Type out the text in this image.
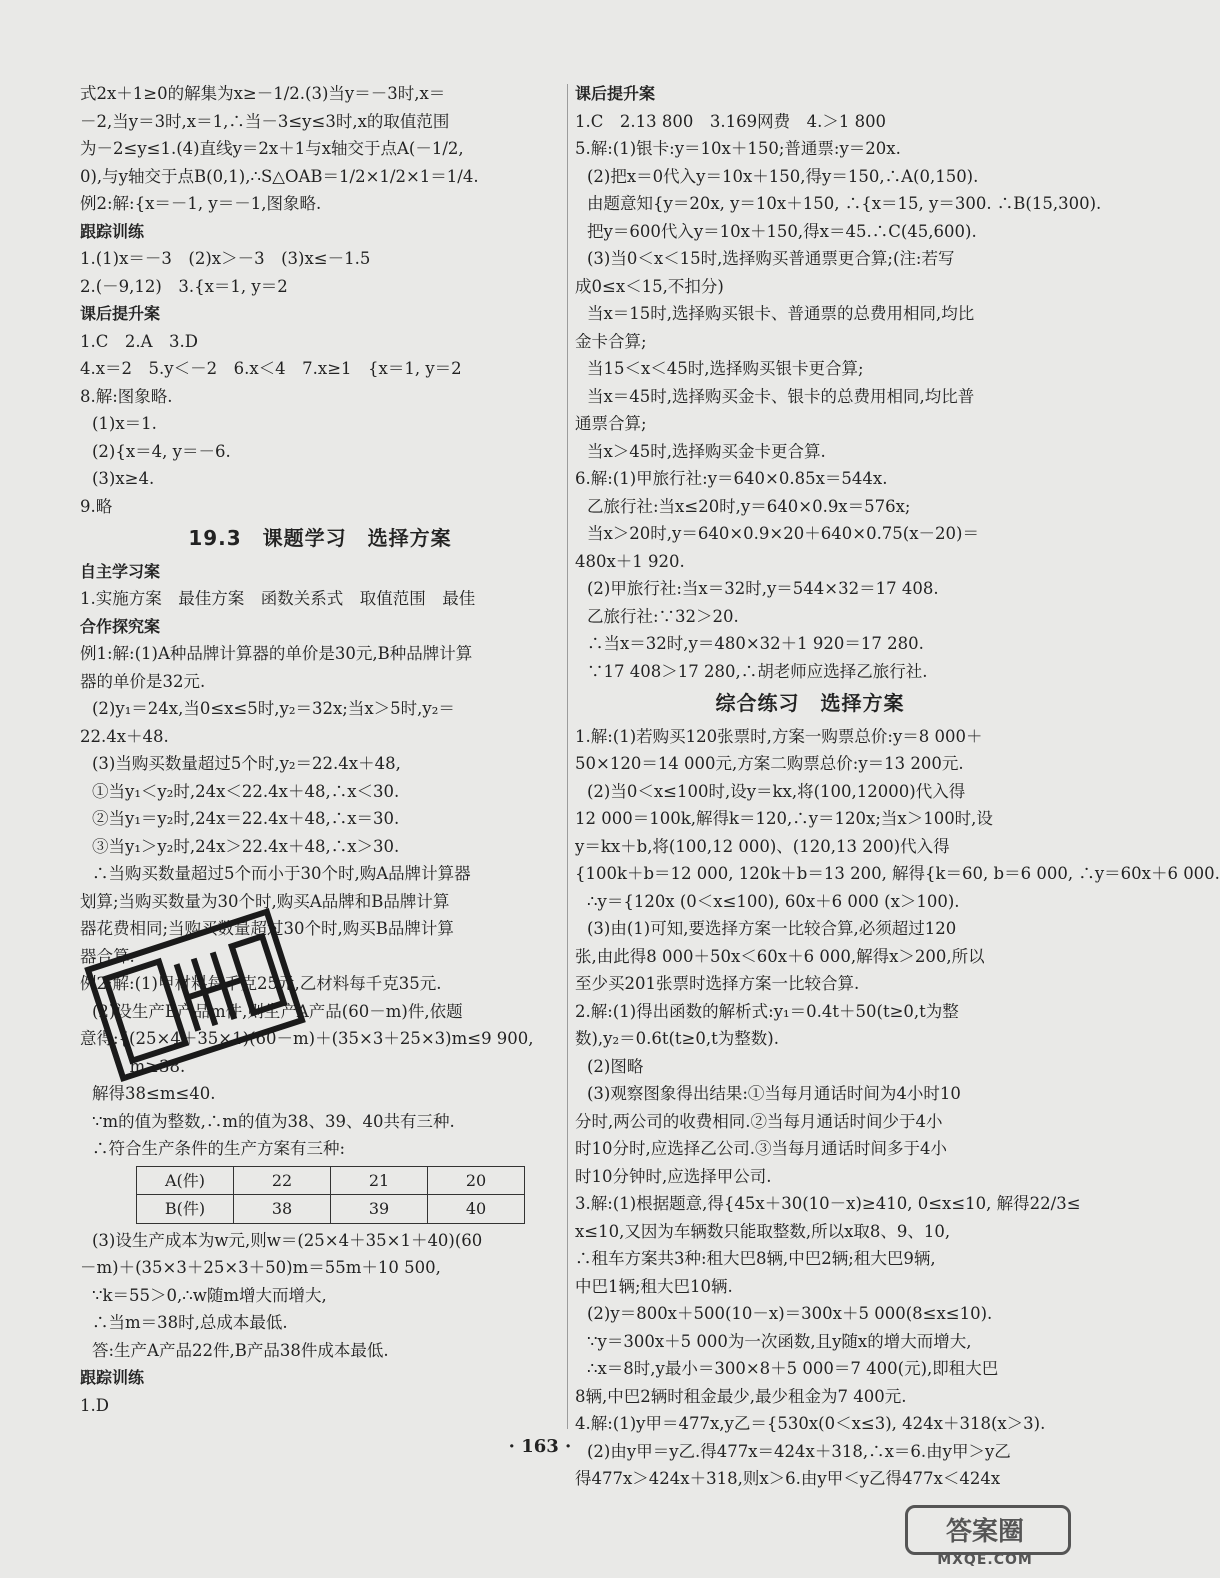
式2x＋1≥0的解集为x≥－1/2.(3)当y＝－3时,x＝
－2,当y＝3时,x＝1,∴当－3≤y≤3时,x的取值范围
为－2≤y≤1.(4)直线y＝2x＋1与x轴交于点A(－1/2,
0),与y轴交于点B(0,1),∴S△OAB＝1/2×1/2×1＝1/4.
例2:解:{x＝－1, y＝－1,图象略.
跟踪训练
1.(1)x＝－3　(2)x＞－3　(3)x≤－1.5
2.(－9,12)　3.{x＝1, y＝2
课后提升案
1.C　2.A　3.D
4.x＝2　5.y＜－2　6.x＜4　7.x≥1　{x＝1, y＝2
8.解:图象略.
(1)x＝1.
(2){x＝4, y＝－6.
(3)x≥4.
9.略
19.3　课题学习　选择方案
自主学习案
1.实施方案　最佳方案　函数关系式　取值范围　最佳
合作探究案
例1:解:(1)A种品牌计算器的单价是30元,B种品牌计算
器的单价是32元.
(2)y₁＝24x,当0≤x≤5时,y₂＝32x;当x＞5时,y₂＝
22.4x＋48.
(3)当购买数量超过5个时,y₂＝22.4x＋48,
①当y₁＜y₂时,24x＜22.4x＋48,∴x＜30.
②当y₁＝y₂时,24x＝22.4x＋48,∴x＝30.
③当y₁＞y₂时,24x＞22.4x＋48,∴x＞30.
∴当购买数量超过5个而小于30个时,购A品牌计算器
划算;当购买数量为30个时,购买A品牌和B品牌计算
器花费相同;当购买数量超过30个时,购买B品牌计算
器合算.
例2:解:(1)甲材料每千克25元,乙材料每千克35元.
(2)设生产B产品m件,则生产A产品(60－m)件,依题
意得:{(25×4＋35×1)(60－m)＋(35×3＋25×3)m≤9 900,
　　　m≥38.
解得38≤m≤40.
∵m的值为整数,∴m的值为38、39、40共有三种.
∴符合生产条件的生产方案有三种:
A(件)	22	21	20
B(件)	38	39	40
(3)设生产成本为w元,则w＝(25×4＋35×1＋40)(60
－m)＋(35×3＋25×3＋50)m＝55m＋10 500,
∵k＝55＞0,∴w随m增大而增大,
∴当m＝38时,总成本最低.
答:生产A产品22件,B产品38件成本最低.
跟踪训练
1.D
课后提升案
1.C　2.13 800　3.169网费　4.＞1 800
5.解:(1)银卡:y＝10x＋150;普通票:y＝20x.
(2)把x＝0代入y＝10x＋150,得y＝150,∴A(0,150).
由题意知{y＝20x, y＝10x＋150, ∴{x＝15, y＝300. ∴B(15,300).
把y＝600代入y＝10x＋150,得x＝45.∴C(45,600).
(3)当0＜x＜15时,选择购买普通票更合算;(注:若写
成0≤x＜15,不扣分)
当x＝15时,选择购买银卡、普通票的总费用相同,均比
金卡合算;
当15＜x＜45时,选择购买银卡更合算;
当x＝45时,选择购买金卡、银卡的总费用相同,均比普
通票合算;
当x＞45时,选择购买金卡更合算.
6.解:(1)甲旅行社:y＝640×0.85x＝544x.
乙旅行社:当x≤20时,y＝640×0.9x＝576x;
当x＞20时,y＝640×0.9×20＋640×0.75(x－20)＝
480x＋1 920.
(2)甲旅行社:当x＝32时,y＝544×32＝17 408.
乙旅行社:∵32＞20.
∴当x＝32时,y＝480×32＋1 920＝17 280.
∵17 408＞17 280,∴胡老师应选择乙旅行社.
综合练习　选择方案
1.解:(1)若购买120张票时,方案一购票总价:y＝8 000＋
50×120＝14 000元,方案二购票总价:y＝13 200元.
(2)当0＜x≤100时,设y＝kx,将(100,12000)代入得
12 000＝100k,解得k＝120,∴y＝120x;当x＞100时,设
y＝kx＋b,将(100,12 000)、(120,13 200)代入得
{100k＋b＝12 000, 120k＋b＝13 200, 解得{k＝60, b＝6 000, ∴y＝60x＋6 000.
∴y＝{120x (0＜x≤100), 60x＋6 000 (x＞100).
(3)由(1)可知,要选择方案一比较合算,必须超过120
张,由此得8 000＋50x＜60x＋6 000,解得x＞200,所以
至少买201张票时选择方案一比较合算.
2.解:(1)得出函数的解析式:y₁＝0.4t＋50(t≥0,t为整
数),y₂＝0.6t(t≥0,t为整数).
(2)图略
(3)观察图象得出结果:①当每月通话时间为4小时10
分时,两公司的收费相同.②当每月通话时间少于4小
时10分时,应选择乙公司.③当每月通话时间多于4小
时10分钟时,应选择甲公司.
3.解:(1)根据题意,得{45x＋30(10－x)≥410, 0≤x≤10, 解得22/3≤
x≤10,又因为车辆数只能取整数,所以x取8、9、10,
∴租车方案共3种:租大巴8辆,中巴2辆;租大巴9辆,
中巴1辆;租大巴10辆.
(2)y＝800x＋500(10－x)＝300x＋5 000(8≤x≤10).
∵y＝300x＋5 000为一次函数,且y随x的增大而增大,
∴x＝8时,y最小＝300×8＋5 000＝7 400(元),即租大巴
8辆,中巴2辆时租金最少,最少租金为7 400元.
4.解:(1)y甲＝477x,y乙＝{530x(0＜x≤3), 424x＋318(x＞3).
(2)由y甲＝y乙.得477x＝424x＋318,∴x＝6.由y甲＞y乙
得477x＞424x＋318,则x＞6.由y甲＜y乙得477x＜424x
· 163 ·
答案圈
MXQE.COM
